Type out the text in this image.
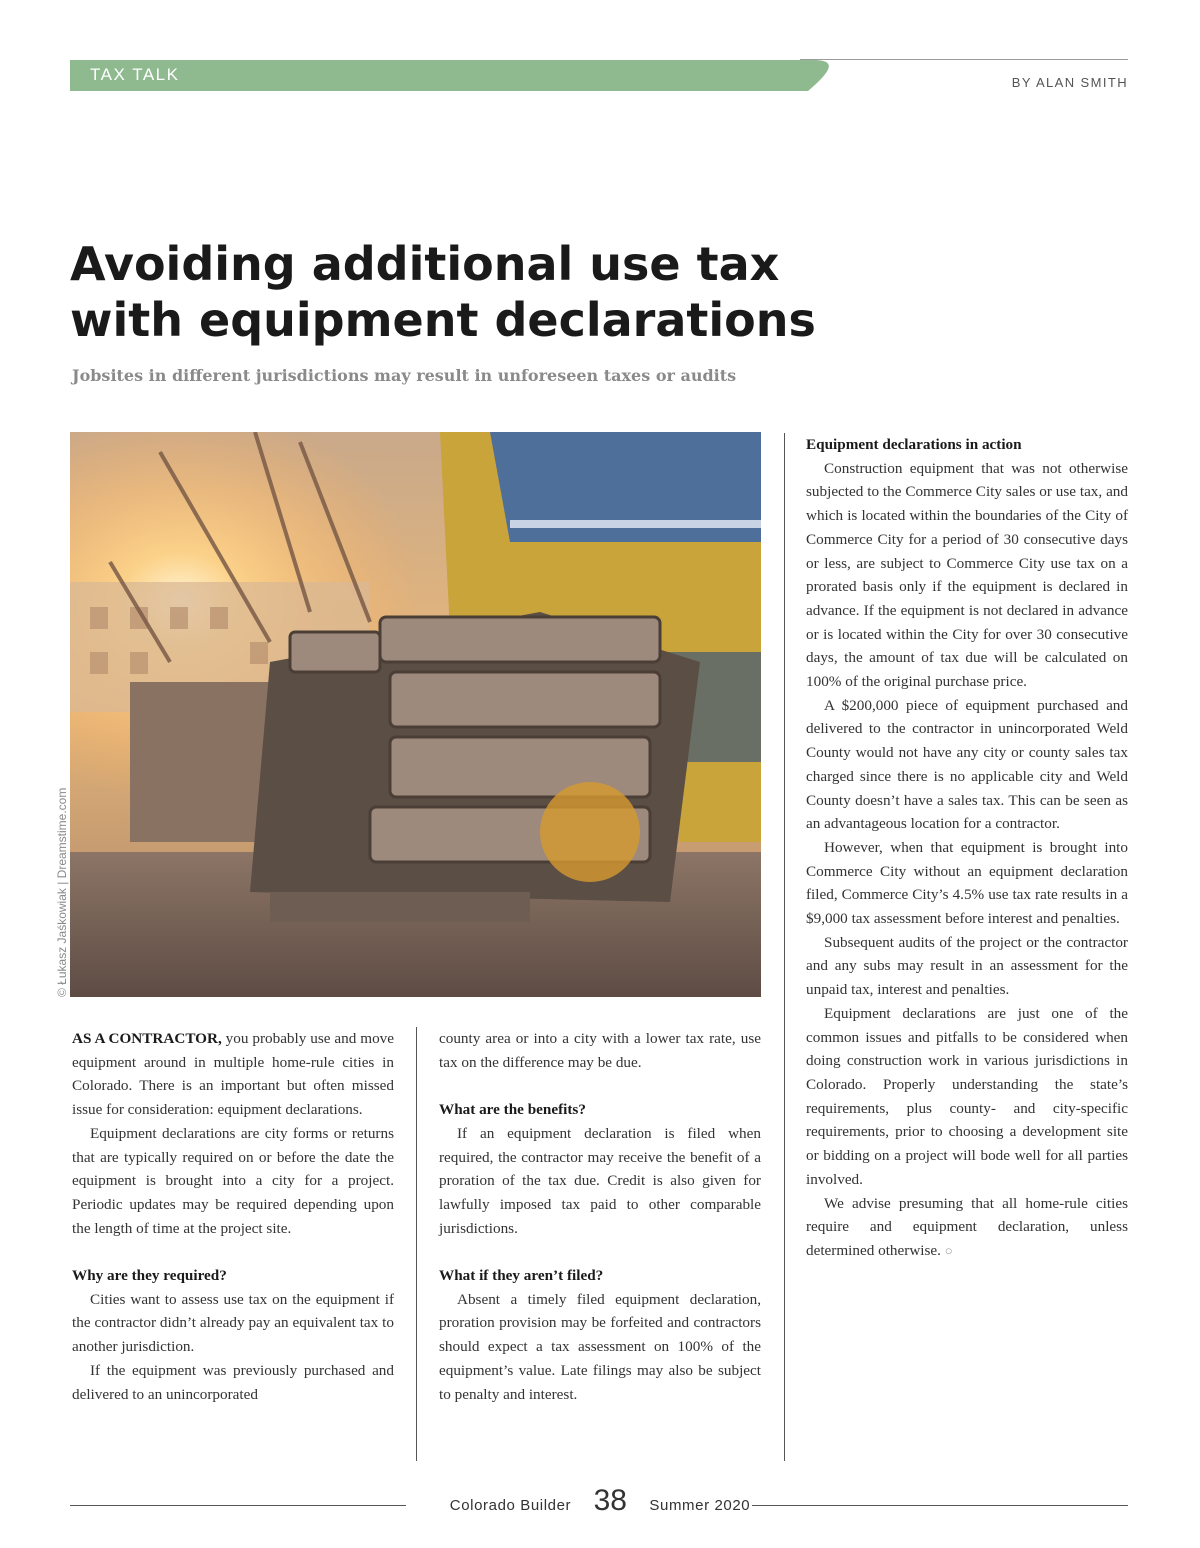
TAX TALK	BY ALAN SMITH
Avoiding additional use tax
with equipment declarations

Jobsites in different jurisdictions may result in unforeseen taxes or audits

© Łukasz Jaśkowiak | Dreamstime.com

AS A CONTRACTOR, you probably use and move equipment around in multiple home-rule cities in Colorado. There is an important but often missed issue for consideration: equipment declarations.

Equipment declarations are city forms or returns that are typically required on or before the date the equipment is brought into a city for a project. Periodic updates may be required depending upon the length of time at the project site.

Why are they required?

Cities want to assess use tax on the equipment if the contractor didn’t already pay an equivalent tax to another jurisdiction.

If the equipment was previously purchased and delivered to an unincorporated

county area or into a city with a lower tax rate, use tax on the difference may be due.

What are the benefits?

If an equipment declaration is filed when required, the contractor may receive the benefit of a proration of the tax due. Credit is also given for lawfully imposed tax paid to other comparable jurisdictions.

What if they aren’t filed?

Absent a timely filed equipment declaration, proration provision may be forfeited and contractors should expect a tax assessment on 100% of the equipment’s value. Late filings may also be subject to penalty and interest.

Equipment declarations in action

Construction equipment that was not otherwise subjected to the Commerce City sales or use tax, and which is located within the boundaries of the City of Commerce City for a period of 30 consecutive days or less, are subject to Commerce City use tax on a prorated basis only if the equipment is declared in advance. If the equipment is not declared in advance or is located within the City for over 30 consecutive days, the amount of tax due will be calculated on 100% of the original purchase price.

A $200,000 piece of equipment purchased and delivered to the contractor in unincorporated Weld County would not have any city or county sales tax charged since there is no applicable city and Weld County doesn’t have a sales tax. This can be seen as an advantageous location for a contractor.

However, when that equipment is brought into Commerce City without an equipment declaration filed, Commerce City’s 4.5% use tax rate results in a $9,000 tax assessment before interest and penalties.

Subsequent audits of the project or the contractor and any subs may result in an assessment for the unpaid tax, interest and penalties.

Equipment declarations are just one of the common issues and pitfalls to be considered when doing construction work in various jurisdictions in Colorado. Properly understanding the state’s requirements, plus county- and city-specific requirements, prior to choosing a development site or bidding on a project will bode well for all parties involved.

We advise presuming that all home-rule cities require and equipment declaration, unless determined otherwise. ○

Colorado Builder 38 Summer 2020
